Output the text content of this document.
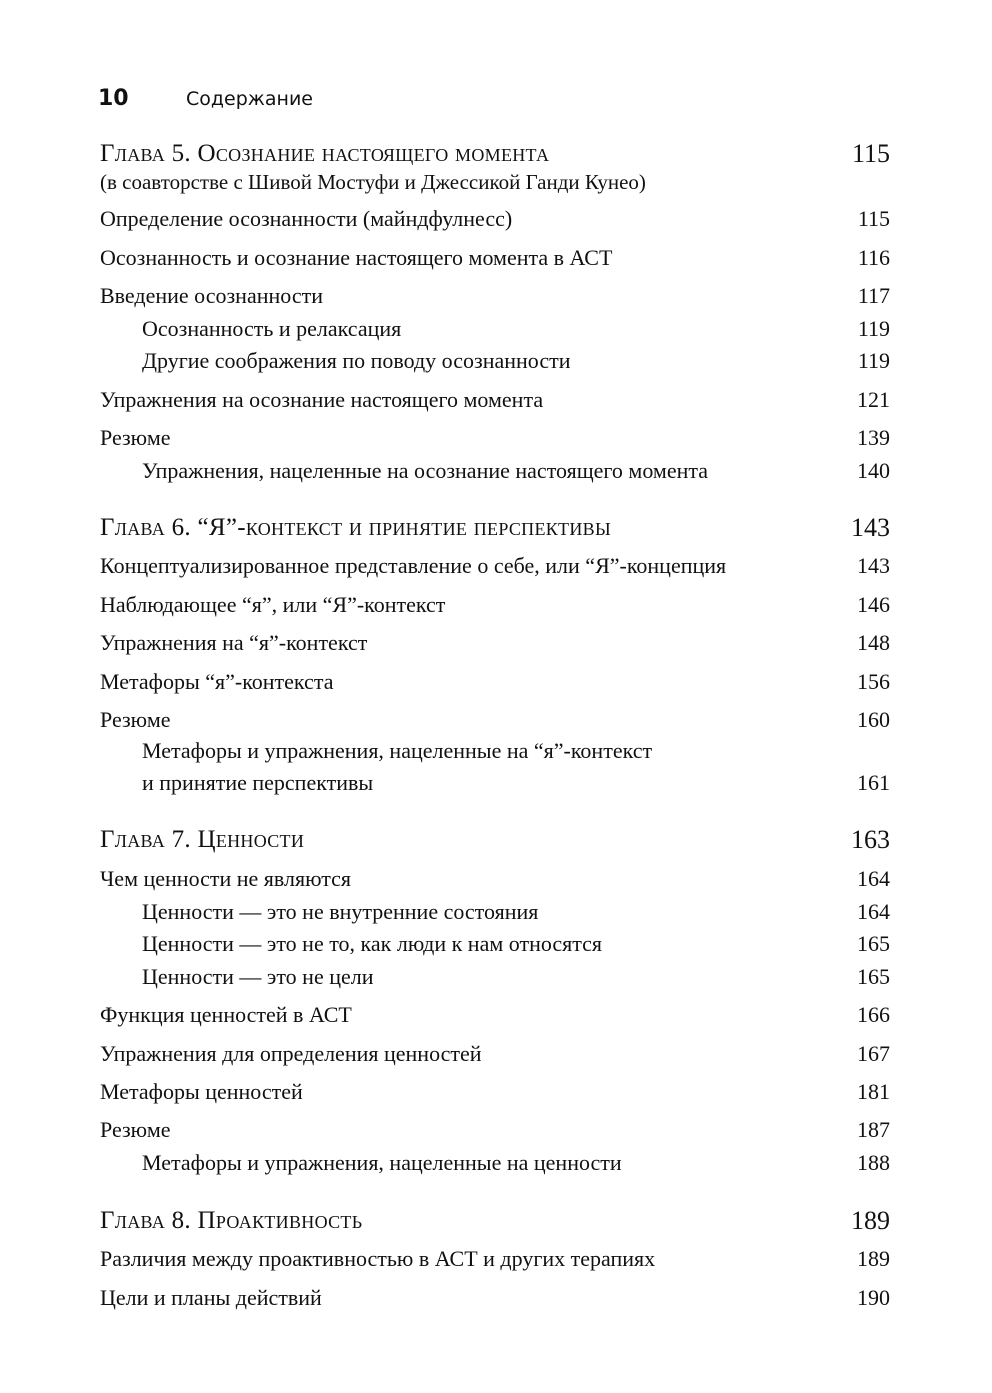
10	Содержание
Глава 5. Осознание настоящего момента	115
(в соавторстве с Шивой Мостуфи и Джессикой Ганди Кунео)
Определение осознанности (майндфулнесс)	115
Осознанность и осознание настоящего момента в АСТ	116
Введение осознанности	117
Осознанность и релаксация	119
Другие соображения по поводу осознанности	119
Упражнения на осознание настоящего момента	121
Резюме	139
Упражнения, нацеленные на осознание настоящего момента	140
Глава 6. “Я”-контекст и принятие перспективы	143
Концептуализированное представление о себе, или “Я”-концепция	143
Наблюдающее “я”, или “Я”-контекст	146
Упражнения на “я”-контекст	148
Метафоры “я”-контекста	156
Резюме	160
Метафоры и упражнения, нацеленные на “я”-контекст
и принятие перспективы	161
Глава 7. Ценности	163
Чем ценности не являются	164
Ценности — это не внутренние состояния	164
Ценности — это не то, как люди к нам относятся	165
Ценности — это не цели	165
Функция ценностей в АСТ	166
Упражнения для определения ценностей	167
Метафоры ценностей	181
Резюме	187
Метафоры и упражнения, нацеленные на ценности	188
Глава 8. Проактивность	189
Различия между проактивностью в АСТ и других терапиях	189
Цели и планы действий	190
